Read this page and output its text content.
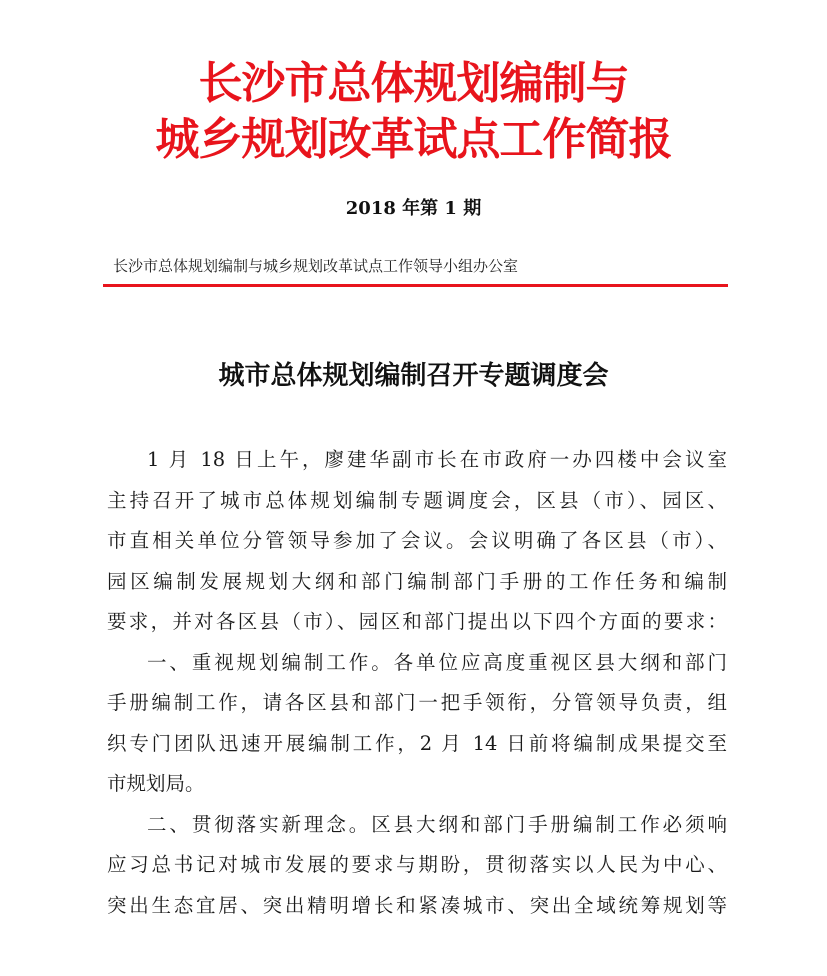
长沙市总体规划编制与
城乡规划改革试点工作简报
2018 年第 1 期
长沙市总体规划编制与城乡规划改革试点工作领导小组办公室
城市总体规划编制召开专题调度会
1 月 18 日上午，廖建华副市长在市政府一办四楼中会议室
主持召开了城市总体规划编制专题调度会，区县（市）、园区、
市直相关单位分管领导参加了会议。会议明确了各区县（市）、
园区编制发展规划大纲和部门编制部门手册的工作任务和编制
要求，并对各区县（市）、园区和部门提出以下四个方面的要求：
一、重视规划编制工作。各单位应高度重视区县大纲和部门
手册编制工作，请各区县和部门一把手领衔，分管领导负责，组
织专门团队迅速开展编制工作，2 月 14 日前将编制成果提交至
市规划局。
二、贯彻落实新理念。区县大纲和部门手册编制工作必须响
应习总书记对城市发展的要求与期盼，贯彻落实以人民为中心、
突出生态宜居、突出精明增长和紧凑城市、突出全域统筹规划等
